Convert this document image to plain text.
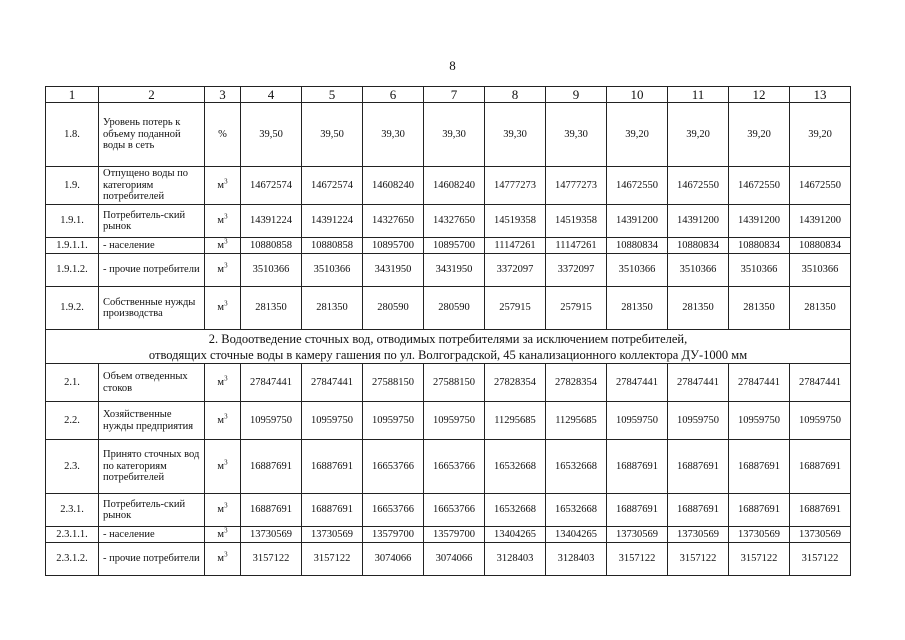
8
1	2	3	4	5	6	7	8	9	10	11	12	13
1.8.	Уровень потерь к объему поданной воды в сеть	%	39,50	39,50	39,30	39,30	39,30	39,30	39,20	39,20	39,20	39,20
1.9.	Отпущено воды по категориям потребителей	$м^3$	14672574	14672574	14608240	14608240	14777273	14777273	14672550	14672550	14672550	14672550
1.9.1.	Потребитель-ский рынок	$м^3$	14391224	14391224	14327650	14327650	14519358	14519358	14391200	14391200	14391200	14391200
1.9.1.1.	- население	$м^3$	10880858	10880858	10895700	10895700	11147261	11147261	10880834	10880834	10880834	10880834
1.9.1.2.	- прочие потребители	$м^3$	3510366	3510366	3431950	3431950	3372097	3372097	3510366	3510366	3510366	3510366
1.9.2.	Собственные нужды производства	$м^3$	281350	281350	280590	280590	257915	257915	281350	281350	281350	281350

2. Водоотведение сточных вод, отводимых потребителями за исключением потребителей,
отводящих сточные воды в камеру гашения по ул. Волгоградской, 45 канализационного коллектора ДУ-1000 мм												

2.1.	Объем отведенных стоков	$м^3$	27847441	27847441	27588150	27588150	27828354	27828354	27847441	27847441	27847441	27847441
2.2.	Хозяйственные нужды предприятия	$м^3$	10959750	10959750	10959750	10959750	11295685	11295685	10959750	10959750	10959750	10959750
2.3.	Принято сточных вод по категориям потребителей	$м^3$	16887691	16887691	16653766	16653766	16532668	16532668	16887691	16887691	16887691	16887691
2.3.1.	Потребитель-ский рынок	$м^3$	16887691	16887691	16653766	16653766	16532668	16532668	16887691	16887691	16887691	16887691
2.3.1.1.	- население	$м^3$	13730569	13730569	13579700	13579700	13404265	13404265	13730569	13730569	13730569	13730569
2.3.1.2.	- прочие потребители	$м^3$	3157122	3157122	3074066	3074066	3128403	3128403	3157122	3157122	3157122	3157122
